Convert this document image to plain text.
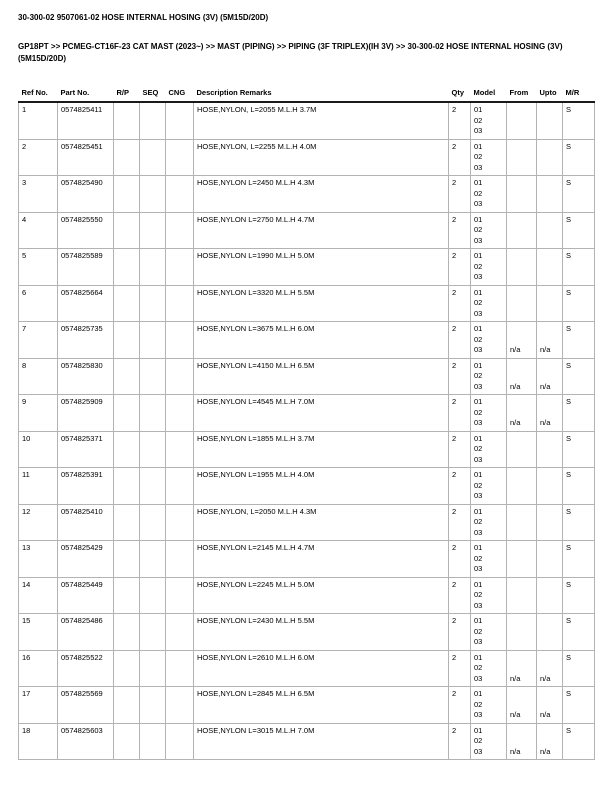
30-300-02 9507061-02 HOSE INTERNAL HOSING (3V) (5M15D/20D)
GP18PT >> PCMEG-CT16F-23 CAT MAST (2023~) >> MAST (PIPING) >> PIPING (3F TRIPLEX)(IH 3V) >> 30-300-02 HOSE INTERNAL HOSING (3V) (5M15D/20D)
Ref No.	Part No.	R/P	SEQ	CNG	Description Remarks	Qty	Model	From	Upto	M/R
1	0574825411				HOSE,NYLON, L=2055 M.L.H 3.7M	2	01
02
03			S
2	0574825451				HOSE,NYLON, L=2255 M.L.H 4.0M	2	01
02
03			S
3	0574825490				HOSE,NYLON L=2450 M.L.H 4.3M	2	01
02
03			S
4	0574825550				HOSE,NYLON L=2750 M.L.H 4.7M	2	01
02
03			S
5	0574825589				HOSE,NYLON L=1990 M.L.H 5.0M	2	01
02
03			S
6	0574825664				HOSE,NYLON L=3320 M.L.H 5.5M	2	01
02
03			S
7	0574825735				HOSE,NYLON L=3675 M.L.H 6.0M	2	01
02
03	n/a	n/a	S
8	0574825830				HOSE,NYLON L=4150 M.L.H 6.5M	2	01
02
03	n/a	n/a	S
9	0574825909				HOSE,NYLON L=4545 M.L.H 7.0M	2	01
02
03	n/a	n/a	S
10	0574825371				HOSE,NYLON L=1855 M.L.H 3.7M	2	01
02
03			S
11	0574825391				HOSE,NYLON L=1955 M.L.H 4.0M	2	01
02
03			S
12	0574825410				HOSE,NYLON, L=2050 M.L.H 4.3M	2	01
02
03			S
13	0574825429				HOSE,NYLON L=2145 M.L.H 4.7M	2	01
02
03			S
14	0574825449				HOSE,NYLON L=2245 M.L.H 5.0M	2	01
02
03			S
15	0574825486				HOSE,NYLON L=2430 M.L.H 5.5M	2	01
02
03			S
16	0574825522				HOSE,NYLON L=2610 M.L.H 6.0M	2	01
02
03	n/a	n/a	S
17	0574825569				HOSE,NYLON L=2845 M.L.H 6.5M	2	01
02
03	n/a	n/a	S
18	0574825603				HOSE,NYLON L=3015 M.L.H 7.0M	2	01
02
03	n/a	n/a	S
